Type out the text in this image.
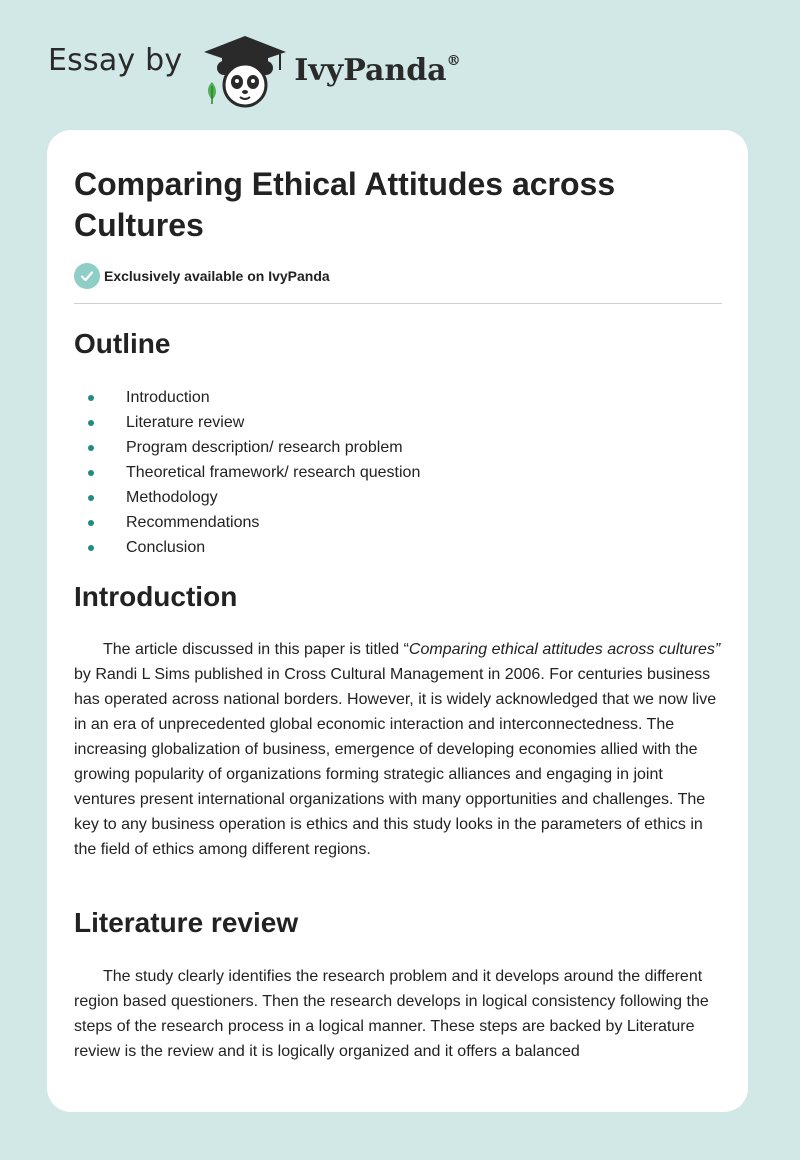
Essay by	IvyPanda®
Comparing Ethical Attitudes across Cultures
Exclusively available on IvyPanda
Outline
Introduction
Literature review
Program description/ research problem
Theoretical framework/ research question
Methodology
Recommendations
Conclusion
Introduction

The article discussed in this paper is titled “Comparing ethical attitudes across cultures” by Randi L Sims published in Cross Cultural Management in 2006. For centuries business has operated across national borders. However, it is widely acknowledged that we now live in an era of unprecedented global economic interaction and interconnectedness. The increasing globalization of business, emergence of developing economies allied with the growing popularity of organizations forming strategic alliances and engaging in joint ventures present international organizations with many opportunities and challenges. The key to any business operation is ethics and this study looks in the parameters of ethics in the field of ethics among different regions.

Literature review

The study clearly identifies the research problem and it develops around the different region based questioners. Then the research develops in logical consistency following the steps of the research process in a logical manner. These steps are backed by Literature review is the review and it is logically organized and it offers a balanced
